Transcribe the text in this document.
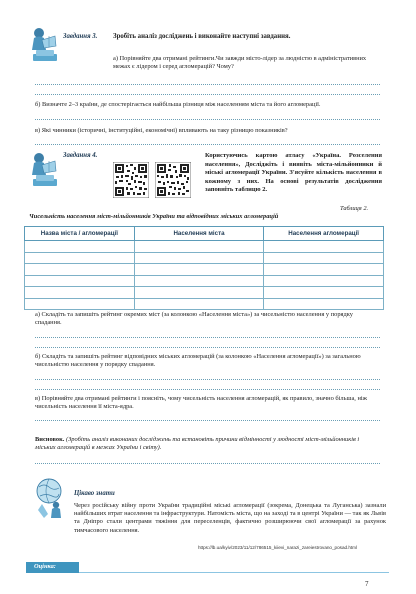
Завдання 3. Зробіть аналіз досліджень і виконайте наступні завдання.
а) Порівняйте два отримані рейтинги.Чи завжди місто-лідер за людністю в адміністративних межах є лідером і серед агломерацій? Чому?
б) Визначте 2–3 країни, де спостерігається найбільша різниця між населенням міста та його агломерації.
в) Які чинники (історичні, інституційні, економічні) впливають на таку різницю показників?
Завдання 4.	Користуючись картою атласу «Україна. Розселення населення», Досліджіть і виявіть міста-мільйонники й міські агломерації України. З'ясуйте кількість населення в кожному з них. На основі результатів дослідження заповніть таблицю 2.
Таблиця 2.
Чисельність населення міст-мільйонників України та відповідних міських агломерацій
Назва міста / агломерації	Населення міста	Населення агломерації

а) Складіть та запишіть рейтинг окремих міст (за колонкою «Населення міста») за чисельністю населення у порядку спадання.
б) Складіть та запишіть рейтинг відповідних міських агломерацій (за колонкою «Населення агломерації») за загальною чисельністю населення у порядку спадання.
в) Порівняйте два отримані рейтинги і поясніть, чому чисельність населення агломерацій, як правило, значно більша, ніж чисельність населення її міста-ядра.
Висновок. (Зробіть аналіз виконаних досліджень та встановіть причини відмінності у людності міст-мільйонників і міських агломерацій в межах України і світу).
Цікаво знати
Через російську війну проти України традиційні міські агломерації (зокрема, Донецька та Луганська) зазнали найбільших втрат населення та інфраструктури. Натомість міста, що на заході та в центрі України — так як Львів та Дніпро стали центрами тяжіння для переселенців, фактично розширюючи свої агломерації за рахунок тимчасового населення.
https://lb.ua/kyiv/2023/11/12/786515_kiievi_narazi_zareiestrovano_posad.html
Оцінка:
7
